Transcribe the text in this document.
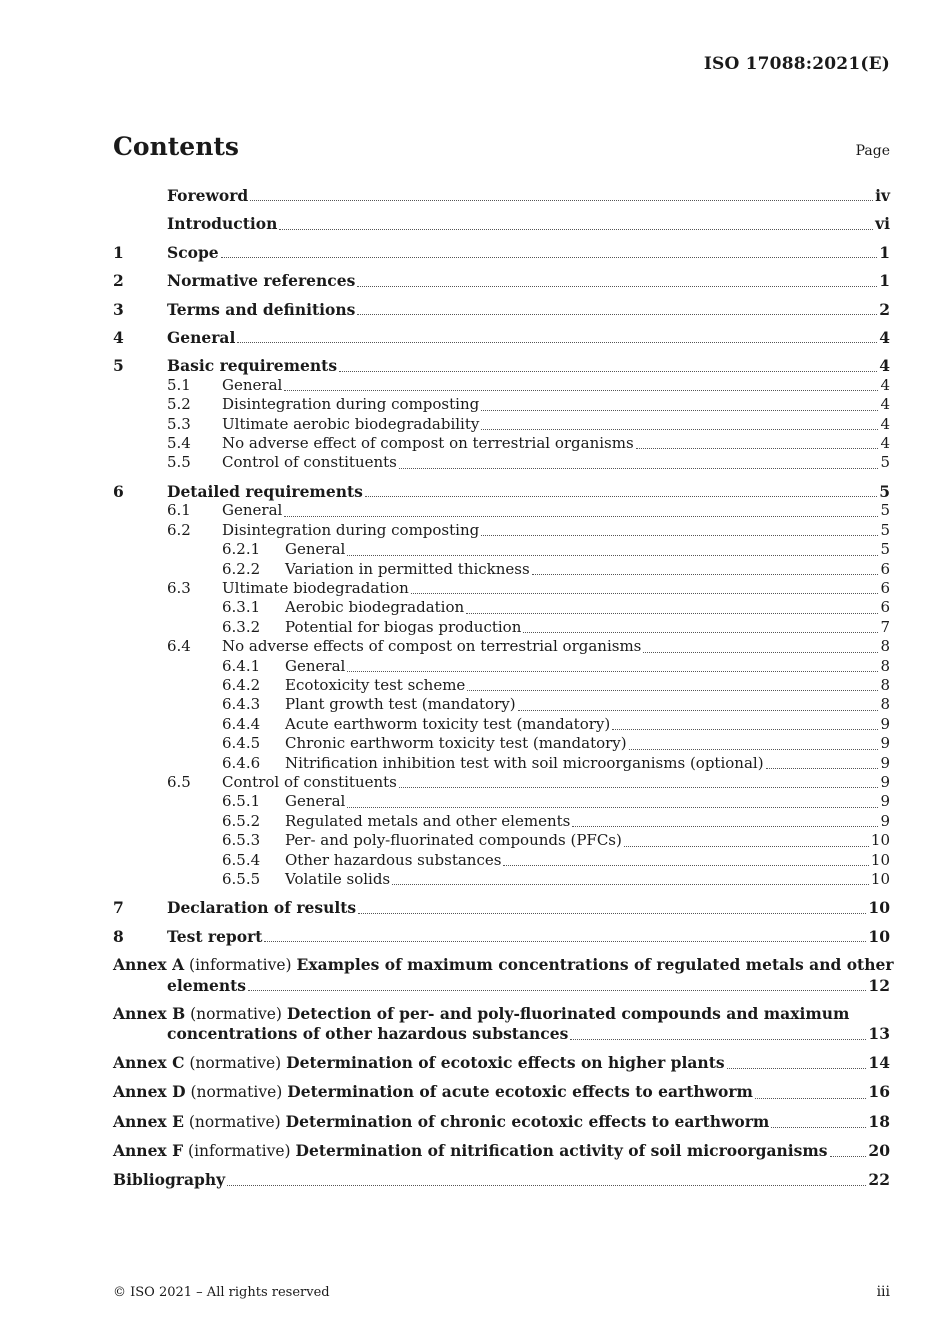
ISO 17088:2021(E)
Contents	Page
Foreword	iv
Introduction	vi
1	Scope	1
2	Normative references	1
3	Terms and definitions	2
4	General	4
5	Basic requirements	4
5.1	General	4
5.2	Disintegration during composting	4
5.3	Ultimate aerobic biodegradability	4
5.4	No adverse effect of compost on terrestrial organisms	4
5.5	Control of constituents	5
6	Detailed requirements	5
6.1	General	5
6.2	Disintegration during composting	5
6.2.1	General	5
6.2.2	Variation in permitted thickness	6
6.3	Ultimate biodegradation	6
6.3.1	Aerobic biodegradation	6
6.3.2	Potential for biogas production	7
6.4	No adverse effects of compost on terrestrial organisms	8
6.4.1	General	8
6.4.2	Ecotoxicity test scheme	8
6.4.3	Plant growth test (mandatory)	8
6.4.4	Acute earthworm toxicity test (mandatory)	9
6.4.5	Chronic earthworm toxicity test (mandatory)	9
6.4.6	Nitrification inhibition test with soil microorganisms (optional)	9
6.5	Control of constituents	9
6.5.1	General	9
6.5.2	Regulated metals and other elements	9
6.5.3	Per- and poly-fluorinated compounds (PFCs)	10
6.5.4	Other hazardous substances	10
6.5.5	Volatile solids	10
7	Declaration of results	10
8	Test report	10
Annex A (informative) Examples of maximum concentrations of regulated metals and other
elements	12
Annex B (normative) Detection of per- and poly-fluorinated compounds and maximum
concentrations of other hazardous substances	13
Annex C (normative) Determination of ecotoxic effects on higher plants	14
Annex D (normative) Determination of acute ecotoxic effects to earthworm	16
Annex E (normative) Determination of chronic ecotoxic effects to earthworm	18
Annex F (informative) Determination of nitrification activity of soil microorganisms	20
Bibliography	22
© ISO 2021 – All rights reserved	iii
